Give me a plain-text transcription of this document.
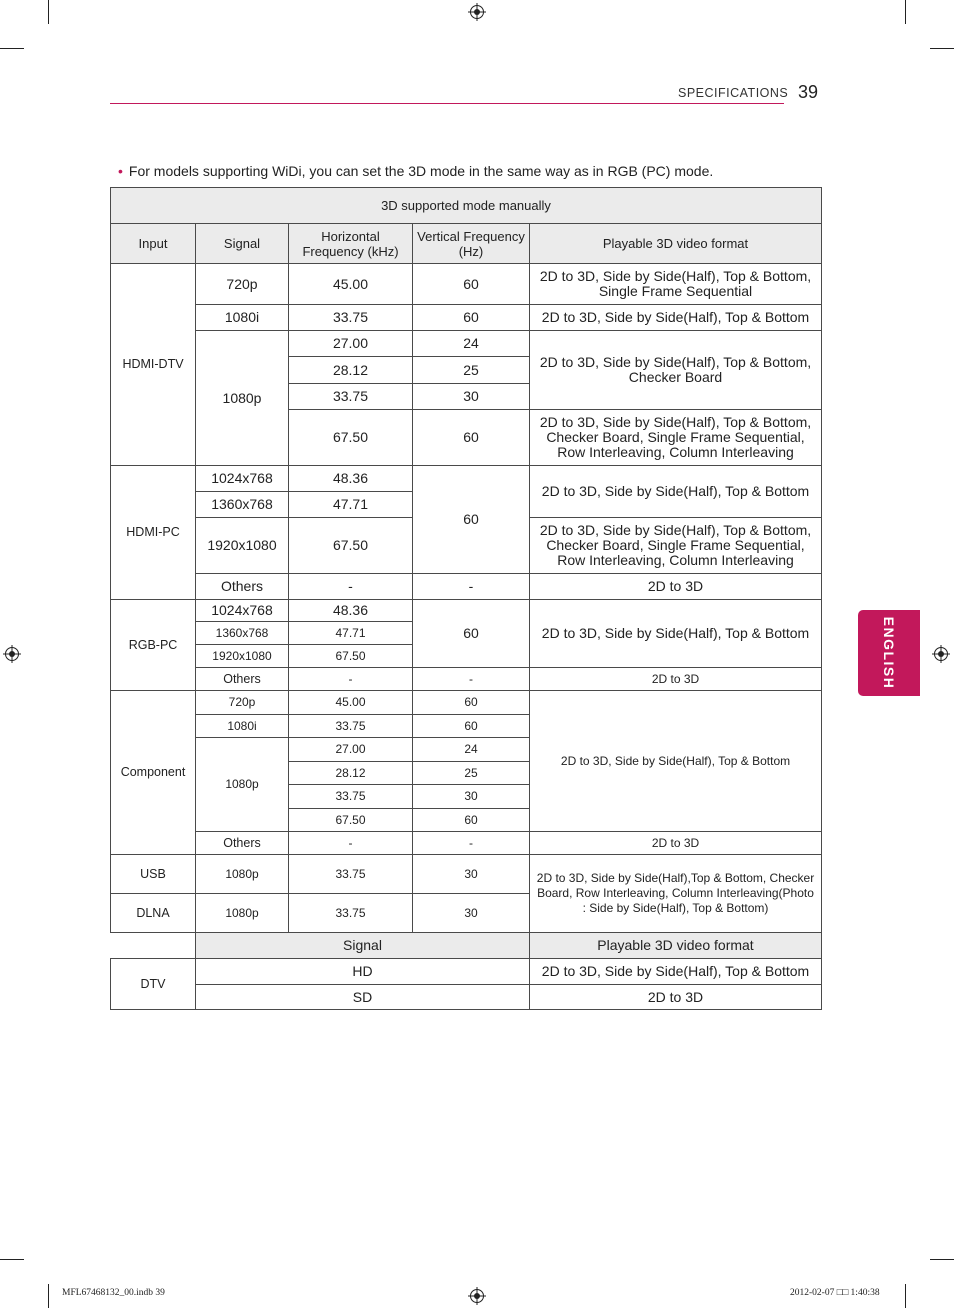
SPECIFICATIONS 39
ENGLISH
• For models supporting WiDi, you can set the 3D mode in the same way as in RGB (PC) mode.
3D supported mode manually				
Input	Signal	Horizontal Frequency (kHz)	Vertical Frequency (Hz)	Playable 3D video format
HDMI-DTV	720p	45.00	60	2D to 3D, Side by Side(Half), Top & Bottom, Single Frame Sequential
	1080i	33.75	60	2D to 3D, Side by Side(Half), Top & Bottom
	1080p	27.00	24	2D to 3D, Side by Side(Half), Top & Bottom, Checker Board
		28.12	25	
		33.75	30	
		67.50	60	2D to 3D, Side by Side(Half), Top & Bottom, Checker Board, Single Frame Sequential, Row Interleaving, Column Interleaving
HDMI-PC	1024x768	48.36	60	2D to 3D, Side by Side(Half), Top & Bottom
	1360x768	47.71		
	1920x1080	67.50		2D to 3D, Side by Side(Half), Top & Bottom, Checker Board, Single Frame Sequential, Row Interleaving, Column Interleaving
	Others	-	-	2D to 3D
RGB-PC	1024x768	48.36	60	2D to 3D, Side by Side(Half), Top & Bottom
	1360x768	47.71		
	1920x1080	67.50		
	Others	-	-	2D to 3D
Component	720p	45.00	60	2D to 3D, Side by Side(Half), Top & Bottom
	1080i	33.75	60	
	1080p	27.00	24	
		28.12	25	
		33.75	30	
		67.50	60	
	Others	-	-	2D to 3D
USB	1080p	33.75	30	2D to 3D, Side by Side(Half),Top & Bottom, Checker Board, Row Interleaving, Column Interleaving(Photo : Side by Side(Half), Top & Bottom)
DLNA	1080p	33.75	30	
	Signal			Playable 3D video format
DTV	HD			2D to 3D, Side by Side(Half), Top & Bottom
	SD			2D to 3D
MFL67468132_00.indb 39	2012-02-07 □□ 1:40:38
